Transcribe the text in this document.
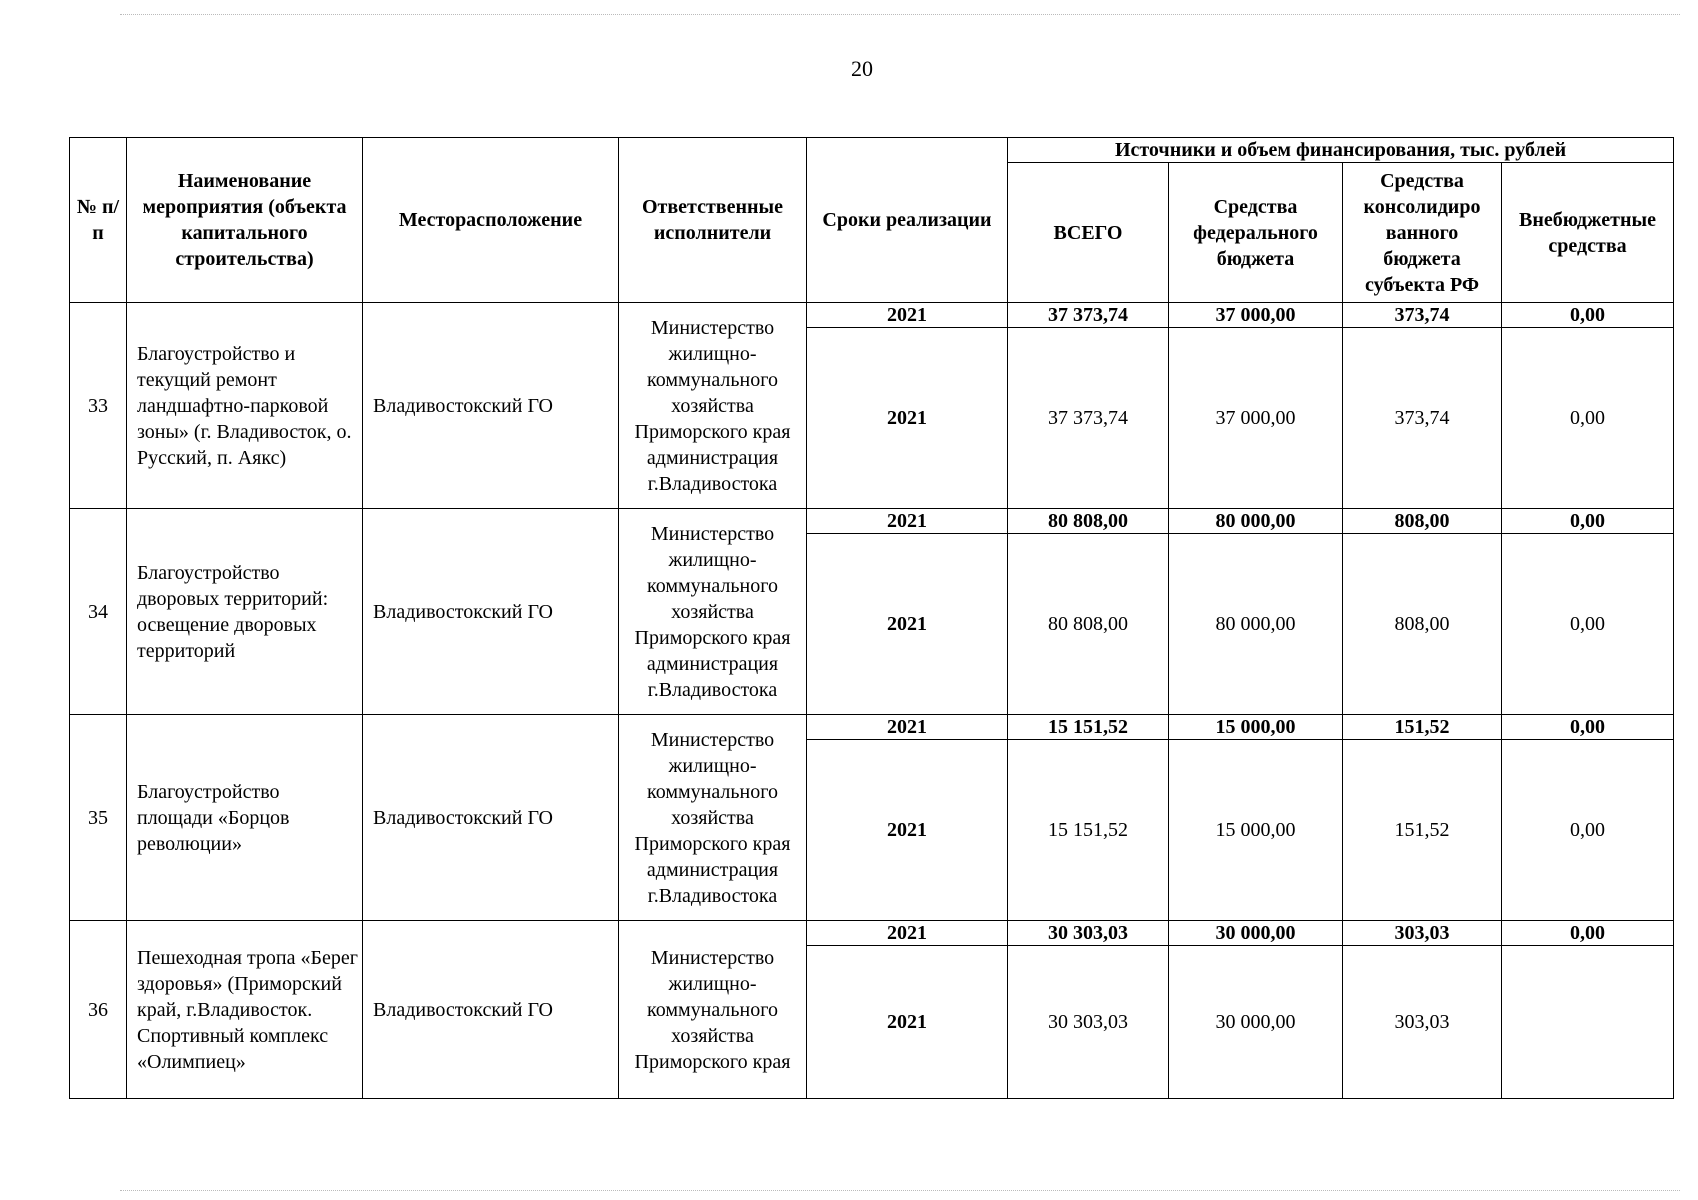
20
№ п/п	Наименование мероприятия (объекта капитального строительства)	Месторасположение	Ответственные исполнители	Сроки реализации	Источники и объем финансирования, тыс. рублей			
					ВСЕГО	Средства федерального бюджета	Средства консолидиро ванного бюджета субъекта РФ	Внебюджетные средства
33	Благоустройство и текущий ремонт ландшафтно-парковой зоны» (г. Владивосток, о. Русский, п. Аякс)	Владивостокский ГО	Министерство жилищно-коммунального хозяйства Приморского края администрация г.Владивостока	2021	37 373,74	37 000,00	373,74	0,00
				2021	37 373,74	37 000,00	373,74	0,00
34	Благоустройство дворовых территорий: освещение дворовых территорий	Владивостокский ГО	Министерство жилищно-коммунального хозяйства Приморского края администрация г.Владивостока	2021	80 808,00	80 000,00	808,00	0,00
				2021	80 808,00	80 000,00	808,00	0,00
35	Благоустройство площади «Борцов революции»	Владивостокский ГО	Министерство жилищно-коммунального хозяйства Приморского края администрация г.Владивостока	2021	15 151,52	15 000,00	151,52	0,00
				2021	15 151,52	15 000,00	151,52	0,00
36	Пешеходная тропа «Берег здоровья» (Приморский край, г.Владивосток. Спортивный комплекс «Олимпиец»	Владивостокский ГО	Министерство жилищно-коммунального хозяйства Приморского края	2021	30 303,03	30 000,00	303,03	0,00
				2021	30 303,03	30 000,00	303,03	
